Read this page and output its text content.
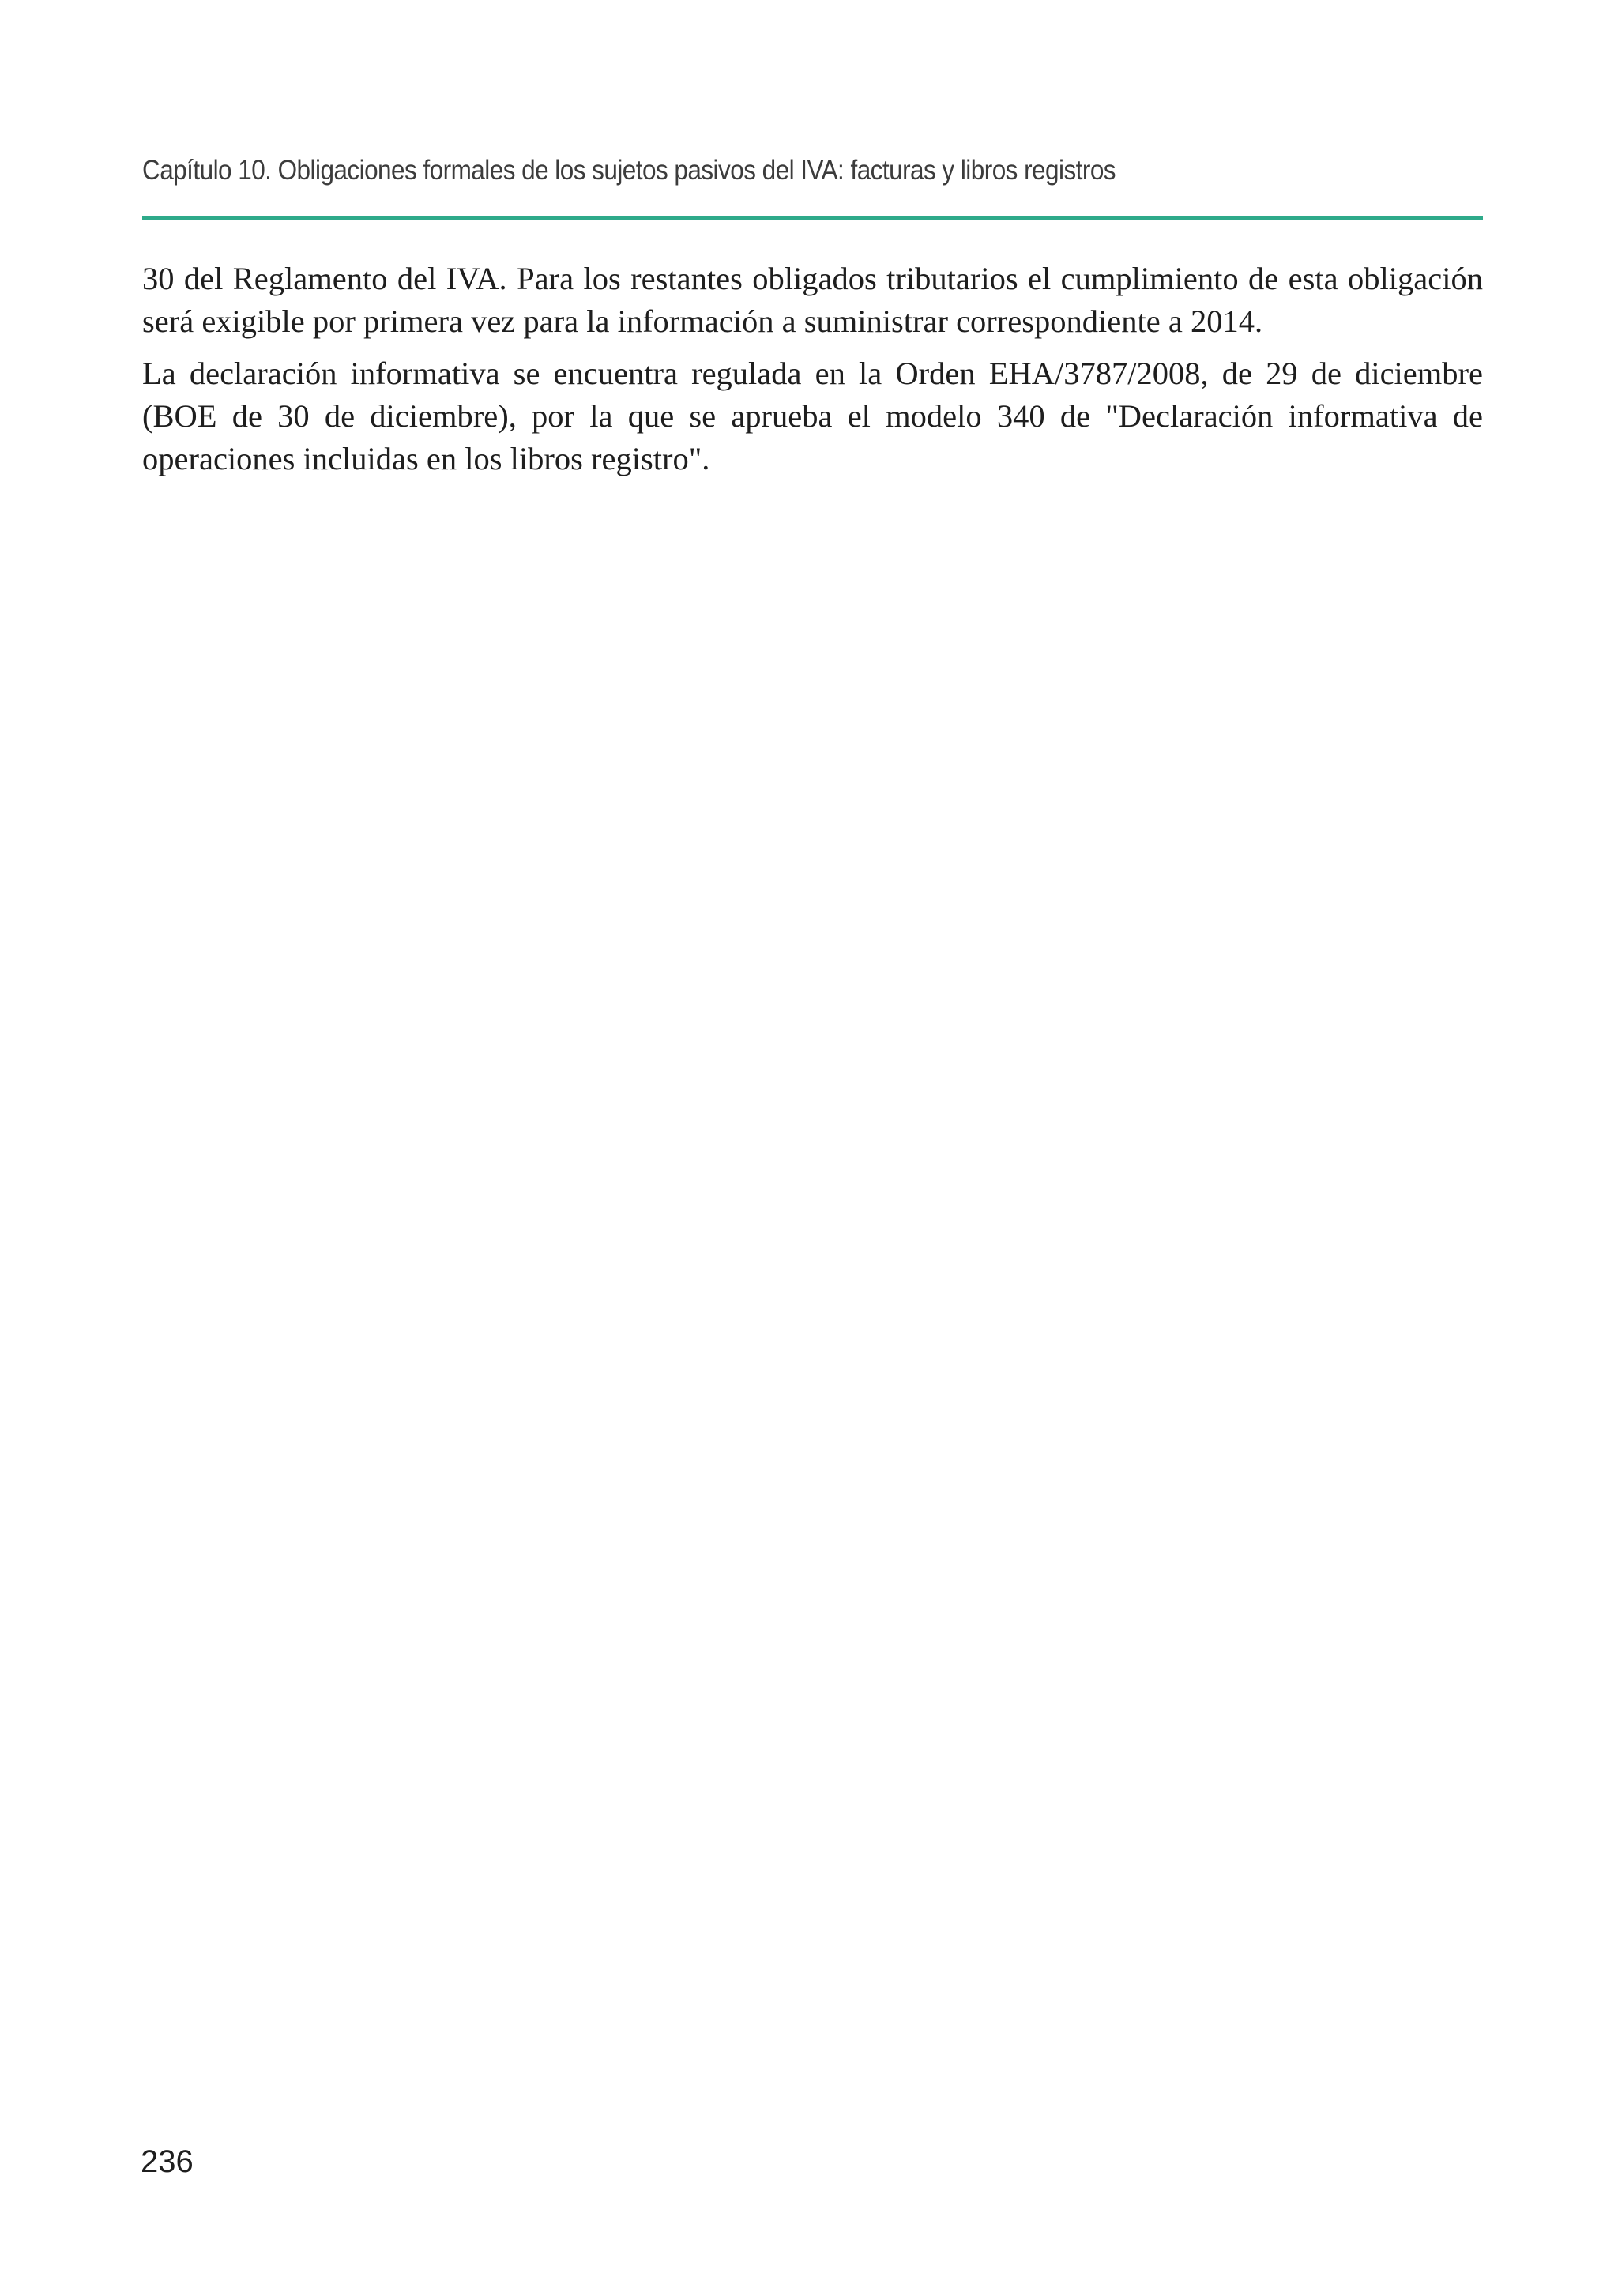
Capítulo 10. Obligaciones formales de los sujetos pasivos del IVA: facturas y libros registros

30 del Reglamento del IVA. Para los restantes obligados tributarios el cumplimiento de esta obligación será exigible por primera vez para la información a suministrar correspondiente a 2014.

La declaración informativa se encuentra regulada en la Orden EHA/3787/2008, de 29 de diciembre (BOE de 30 de diciembre), por la que se aprueba el modelo 340 de "Declaración informativa de operaciones incluidas en los libros registro".

236
